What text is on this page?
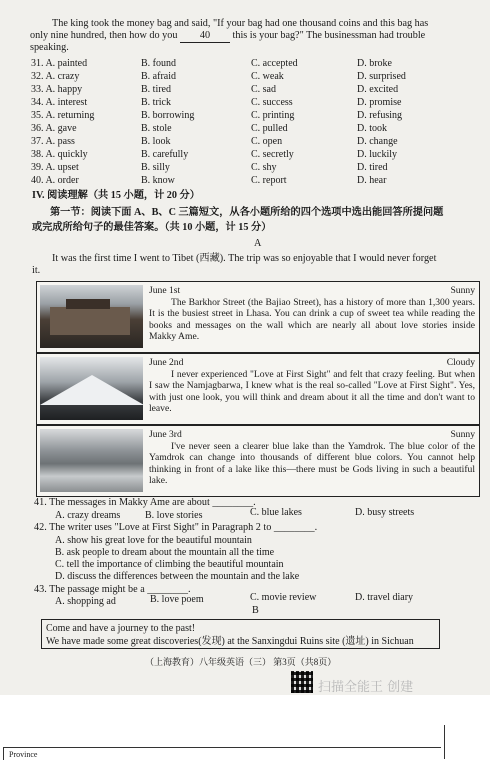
The king took the money bag and said, "If your bag had one thousand coins and this bag has
only nine hundred, then how do you 40 this is your bag?" The businessman had trouble
speaking.
31. A. painted	B. found	C. accepted	D. broke
32. A. crazy	B. afraid	C. weak	D. surprised
33. A. happy	B. tired	C. sad	D. excited
34. A. interest	B. trick	C. success	D. promise
35. A. returning	B. borrowing	C. printing	D. refusing
36. A. gave	B. stole	C. pulled	D. took
37. A. pass	B. look	C. open	D. change
38. A. quickly	B. carefully	C. secretly	D. luckily
39. A. upset	B. silly	C. shy	D. tired
40. A. order	B. know	C. report	D. hear
IV. 阅读理解（共 15 小题，计 20 分）
第一节：阅读下面 A、B、C 三篇短文，从各小题所给的四个选项中选出能回答所提问题
或完成所给句子的最佳答案。（共 10 小题，计 15 分）
A
It was the first time I went to Tibet (西藏). The trip was so enjoyable that I would never forget
it.
June 1st	Sunny
The Barkhor Street (the Bajiao Street), has a history of more than 1,300 years. It is the busiest street in Lhasa. You can drink a cup of sweet tea while reading the books and messages on the wall which are nearly all about love stories inside Makky Ame.
June 2nd	Cloudy
I never experienced "Love at First Sight" and felt that crazy feeling. But when I saw the Namjagbarwa, I knew what is the real so-called "Love at First Sight". Yes, with just one look, you will think and dream about it all the time and don't want to leave.
June 3rd	Sunny
I've never seen a clearer blue lake than the Yamdrok. The blue color of the Yamdrok can change into thousands of different blue colors. You cannot help thinking in front of a lake like this—there must be Gods living in such a beautiful lake.
41. The messages in Makky Ame are about ________.
A. crazy dreams B. love stories	C. blue lakes	D. busy streets
42. The writer uses "Love at First Sight" in Paragraph 2 to ________.
A. show his great love for the beautiful mountain
B. ask people to dream about the mountain all the time
C. tell the importance of climbing the beautiful mountain
D. discuss the differences between the mountain and the lake
43. The passage might be a ________.
A. shopping ad	B. love poem	C. movie review	D. travel diary
B
Come and have a journey to the past!
We have made some great discoveries(发现) at the Sanxingdui Ruins site (遗址) in Sichuan
（上海教育）八年级英语（三） 第3页（共8页）
扫描全能王 创建
Province
